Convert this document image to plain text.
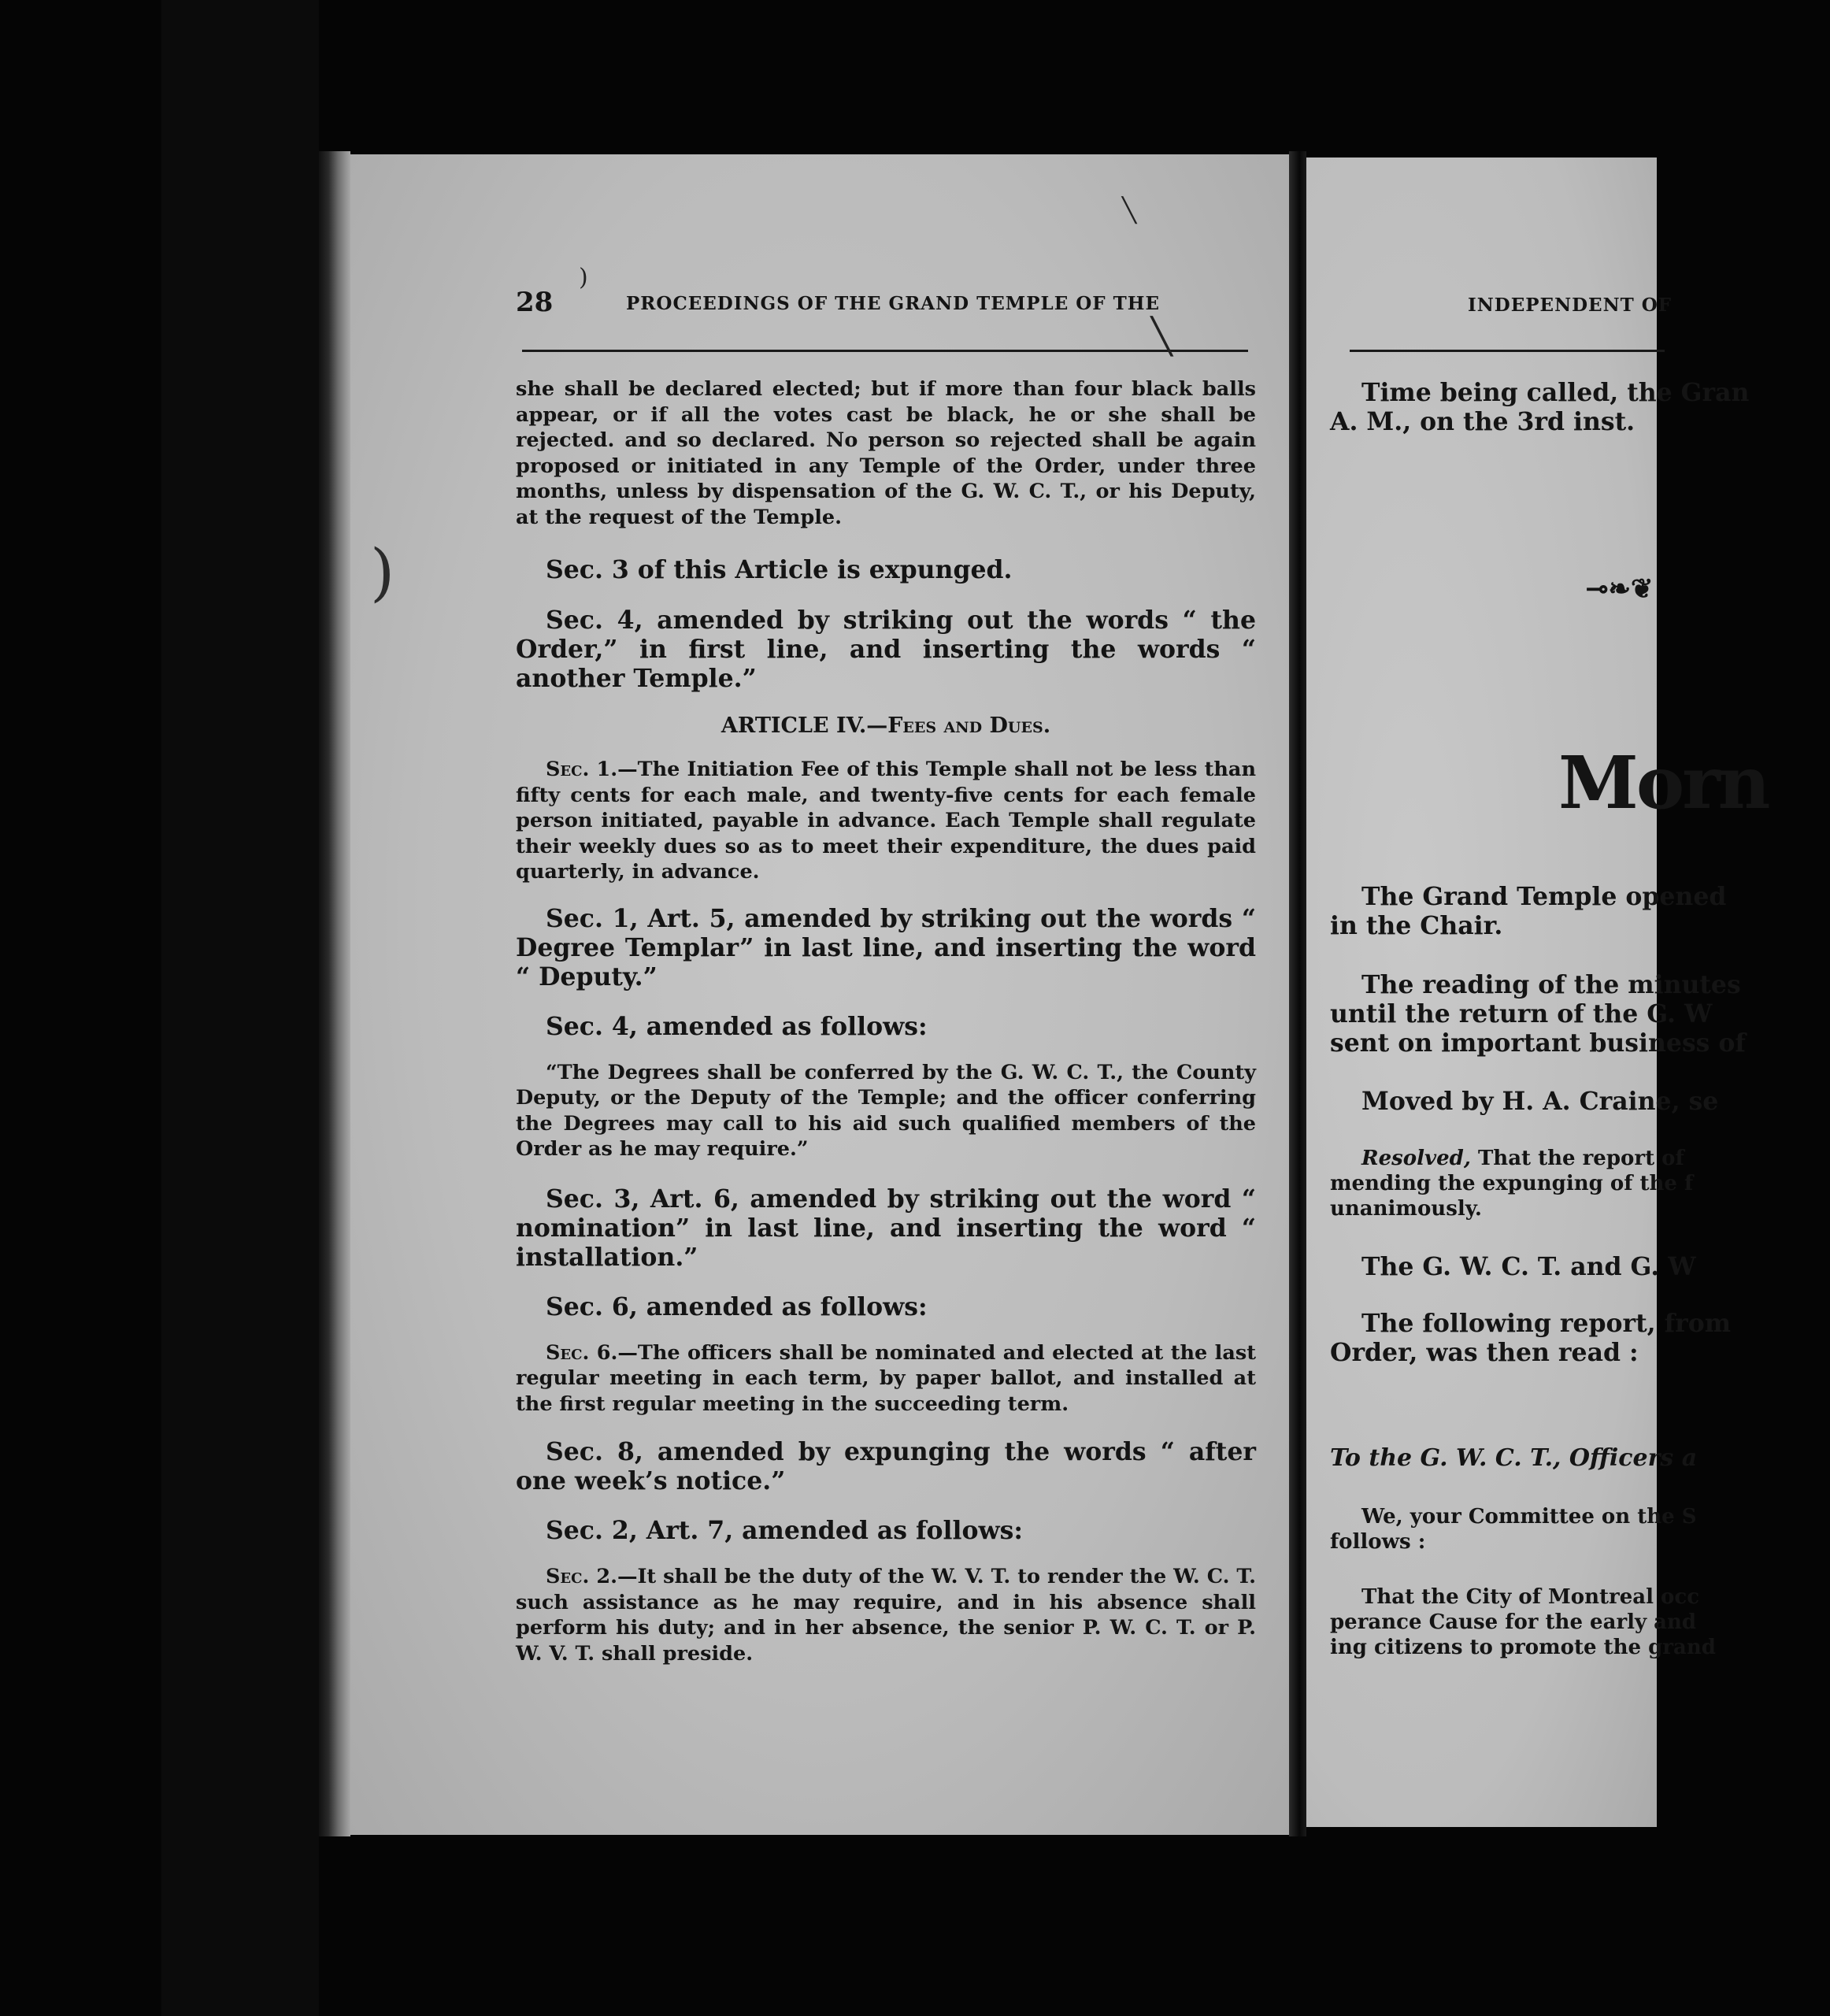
28	PROCEEDINGS OF THE GRAND TEMPLE OF THE
╲
╲
)
)

she shall be declared elected; but if more than four black balls appear, or if all the votes cast be black, he or she shall be rejected. and so declared. No person so rejected shall be again proposed or initiated in any Temple of the Order, under three months, unless by dispensation of the G. W. C. T., or his Deputy, at the request of the Temple.

Sec. 3 of this Article is expunged.

Sec. 4, amended by striking out the words “ the Order,” in first line, and inserting the words “ another Temple.”

ARTICLE IV.—Fees and Dues.

Sec. 1.—The Initiation Fee of this Temple shall not be less than fifty cents for each male, and twenty-five cents for each female person initiated, payable in advance. Each Temple shall regulate their weekly dues so as to meet their expenditure, the dues paid quarterly, in advance.

Sec. 1, Art. 5, amended by striking out the words “ Degree Templar” in last line, and inserting the word “ Deputy.”

Sec. 4, amended as follows:

“The Degrees shall be conferred by the G. W. C. T., the County Deputy, or the Deputy of the Temple; and the officer conferring the Degrees may call to his aid such qualified members of the Order as he may require.”

Sec. 3, Art. 6, amended by striking out the word “ nomination” in last line, and inserting the word “ installation.”

Sec. 6, amended as follows:

Sec. 6.—The officers shall be nominated and elected at the last regular meeting in each term, by paper ballot, and installed at the first regular meeting in the succeeding term.

Sec. 8, amended by expunging the words “ after one week’s notice.”

Sec. 2, Art. 7, amended as follows:

Sec. 2.—It shall be the duty of the W. V. T. to render the W. C. T. such assistance as he may require, and in his absence shall perform his duty; and in her absence, the senior P. W. C. T. or P. W. V. T. shall preside.

INDEPENDENT OF
Time being called, the Gran
A. M., on the 3rd inst.
⊸❧❦
Morn
The Grand Temple opened
in the Chair.
The reading of the minutes
until the return of the G. W
sent on important business of
Moved by H. A. Craine, se
Resolved, That the report of
mending the expunging of the f
unanimously.
The G. W. C. T. and G. W
The following report, from
Order, was then read :
To the G. W. C. T., Officers a
We, your Committee on the S
follows :
That the City of Montreal occ
perance Cause for the early and
ing citizens to promote the grand
